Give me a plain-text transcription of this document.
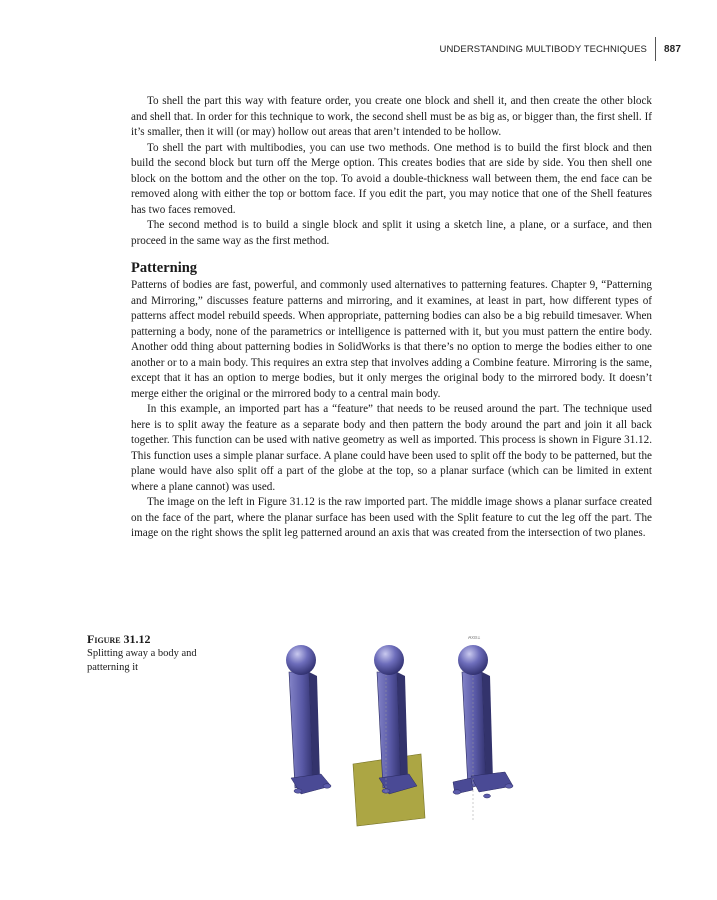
UNDERSTANDING MULTIBODY TECHNIQUES 887

To shell the part this way with feature order, you create one block and shell it, and then create the other block and shell that. In order for this technique to work, the second shell must be as big as, or bigger than, the first shell. If it’s smaller, then it will (or may) hollow out areas that aren’t intended to be hollow.

To shell the part with multibodies, you can use two methods. One method is to build the first block and then build the second block but turn off the Merge option. This creates bodies that are side by side. You then shell one block on the bottom and the other on the top. To avoid a double-thickness wall between them, the end face can be removed along with either the top or bottom face. If you edit the part, you may notice that one of the Shell features has two faces removed.

The second method is to build a single block and split it using a sketch line, a plane, or a surface, and then proceed in the same way as the first method.

Patterning

Patterns of bodies are fast, powerful, and commonly used alternatives to patterning features. Chapter 9, “Patterning and Mirroring,” discusses feature patterns and mirroring, and it examines, at least in part, how different types of patterns affect model rebuild speeds. When appropriate, patterning bodies can also be a big rebuild timesaver. When patterning a body, none of the parametrics or intelligence is patterned with it, but you must pattern the entire body. Another odd thing about patterning bodies in SolidWorks is that there’s no option to merge the bodies either to one another or to a main body. This requires an extra step that involves adding a Combine feature. Mirroring is the same, except that it has an option to merge bodies, but it only merges the original body to the mirrored body. It doesn’t merge either the original or the mirrored body to a central main body.

In this example, an imported part has a “feature” that needs to be reused around the part. The technique used here is to split away the feature as a separate body and then pattern the body around the part and join it all back together. This function can be used with native geometry as well as imported. This process is shown in Figure 31.12. This function uses a simple planar surface. A plane could have been used to split off the body to be patterned, but the plane would have also split off a part of the globe at the top, so a planar surface (which can be limited in extent where a plane cannot) was used.

The image on the left in Figure 31.12 is the raw imported part. The middle image shows a planar surface created on the face of the part, where the planar surface has been used with the Split feature to cut the leg off the part. The image on the right shows the split leg patterned around an axis that was created from the intersection of two planes.

Figure 31.12
Splitting away a body and patterning it
Axis1
